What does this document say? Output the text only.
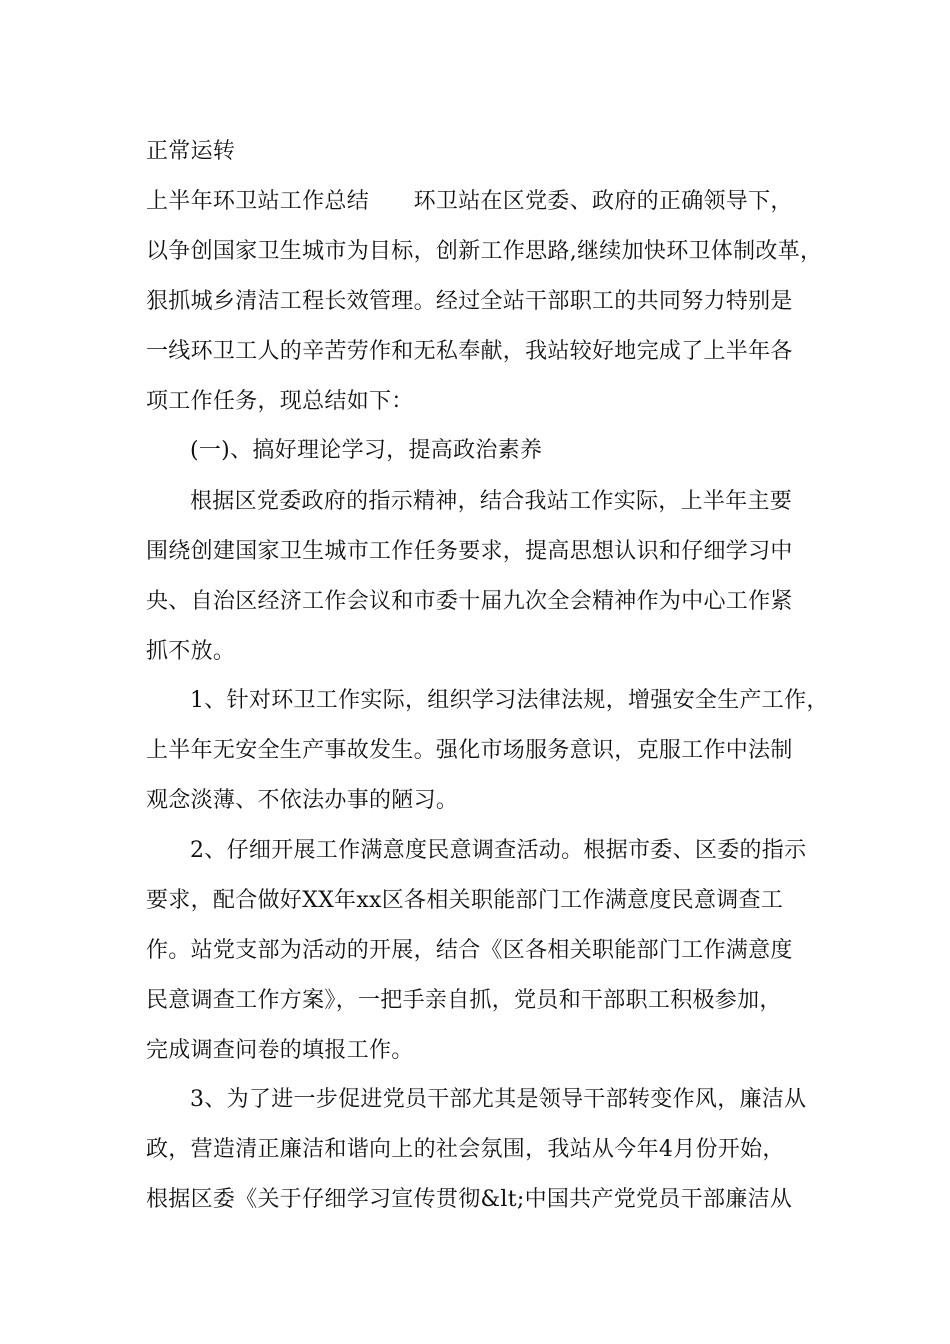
正常运转
上半年环卫站工作总结　　环卫站在区党委、政府的正确领导下，
以争创国家卫生城市为目标，创新工作思路,继续加快环卫体制改革，
狠抓城乡清洁工程长效管理。经过全站干部职工的共同努力特别是
一线环卫工人的辛苦劳作和无私奉献，我站较好地完成了上半年各
项工作任务，现总结如下：
(一)、搞好理论学习，提高政治素养
根据区党委政府的指示精神，结合我站工作实际，上半年主要
围绕创建国家卫生城市工作任务要求，提高思想认识和仔细学习中
央、自治区经济工作会议和市委十届九次全会精神作为中心工作紧
抓不放。
1、针对环卫工作实际，组织学习法律法规，增强安全生产工作，
上半年无安全生产事故发生。强化市场服务意识，克服工作中法制
观念淡薄、不依法办事的陋习。
2、仔细开展工作满意度民意调查活动。根据市委、区委的指示
要求，配合做好XX年xx区各相关职能部门工作满意度民意调查工
作。站党支部为活动的开展，结合《区各相关职能部门工作满意度
民意调查工作方案》，一把手亲自抓，党员和干部职工积极参加，
完成调查问卷的填报工作。
3、为了进一步促进党员干部尤其是领导干部转变作风，廉洁从
政，营造清正廉洁和谐向上的社会氛围，我站从今年4月份开始，
根据区委《关于仔细学习宣传贯彻&lt;中国共产党党员干部廉洁从
